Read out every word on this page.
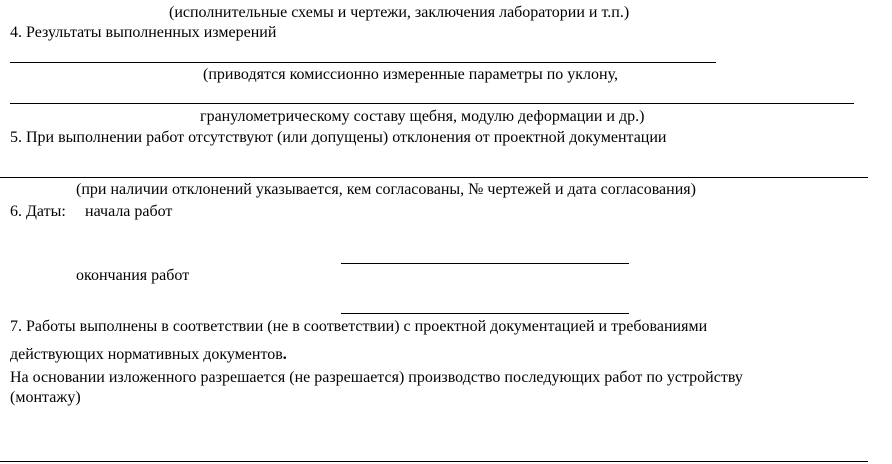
(исполнительные схемы и чертежи, заключения лаборатории и т.п.)
4. Результаты выполненных измерений
(приводятся комиссионно измеренные параметры по уклону,
гранулометрическому составу щебня, модулю деформации и др.)
5. При выполнении работ отсутствуют (или допущены) отклонения от проектной документации
(при наличии отклонений указывается, кем согласованы, № чертежей и дата согласования)
6. Даты: начала работ
окончания работ
7. Работы выполнены в соответствии (не в соответствии) с проектной документацией и требованиями
действующих нормативных документов.
На основании изложенного разрешается (не разрешается) производство последующих работ по устройству
(монтажу)
